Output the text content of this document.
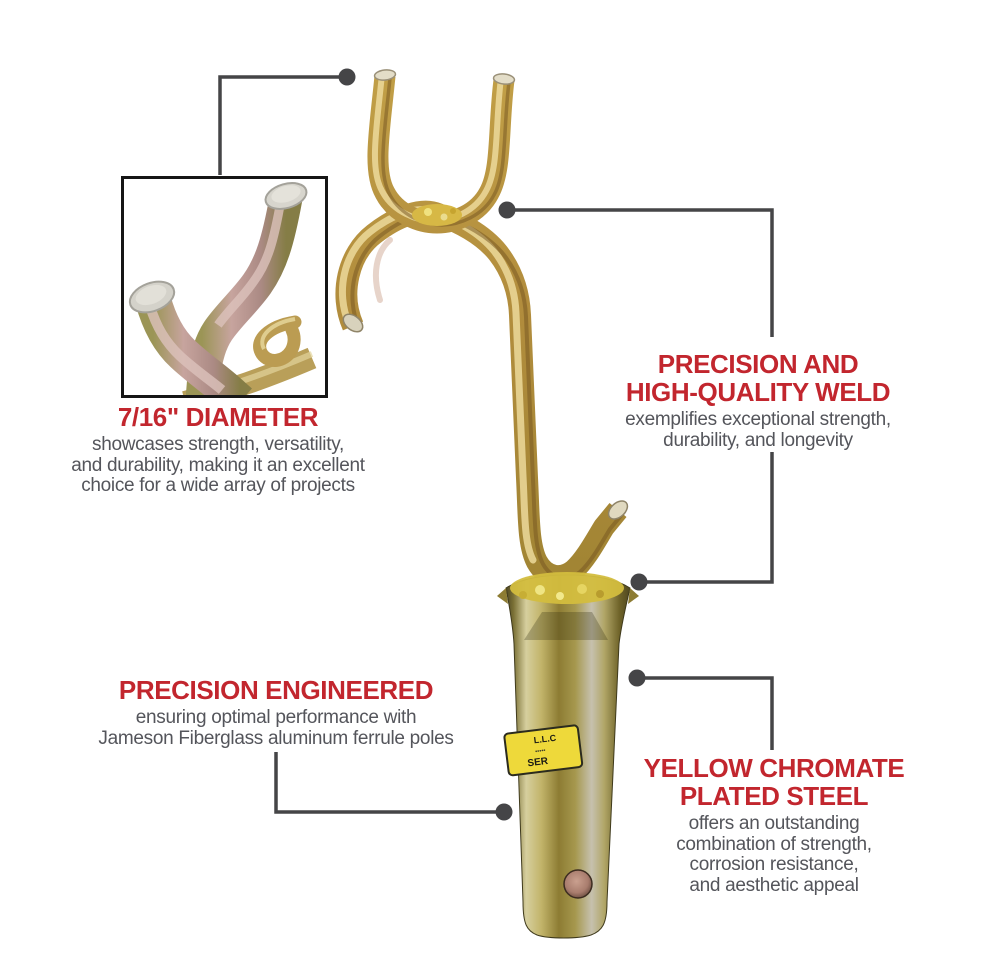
L.L.C
•••••
SER
7/16" DIAMETER
showcases strength, versatility,
and durability, making it an excellent
choice for a wide array of projects
PRECISION AND
HIGH-QUALITY WELD
exemplifies exceptional strength,
durability, and longevity
PRECISION ENGINEERED
ensuring optimal performance with
Jameson Fiberglass aluminum ferrule poles
YELLOW CHROMATE
PLATED STEEL
offers an outstanding
combination of strength,
corrosion resistance,
and aesthetic appeal
